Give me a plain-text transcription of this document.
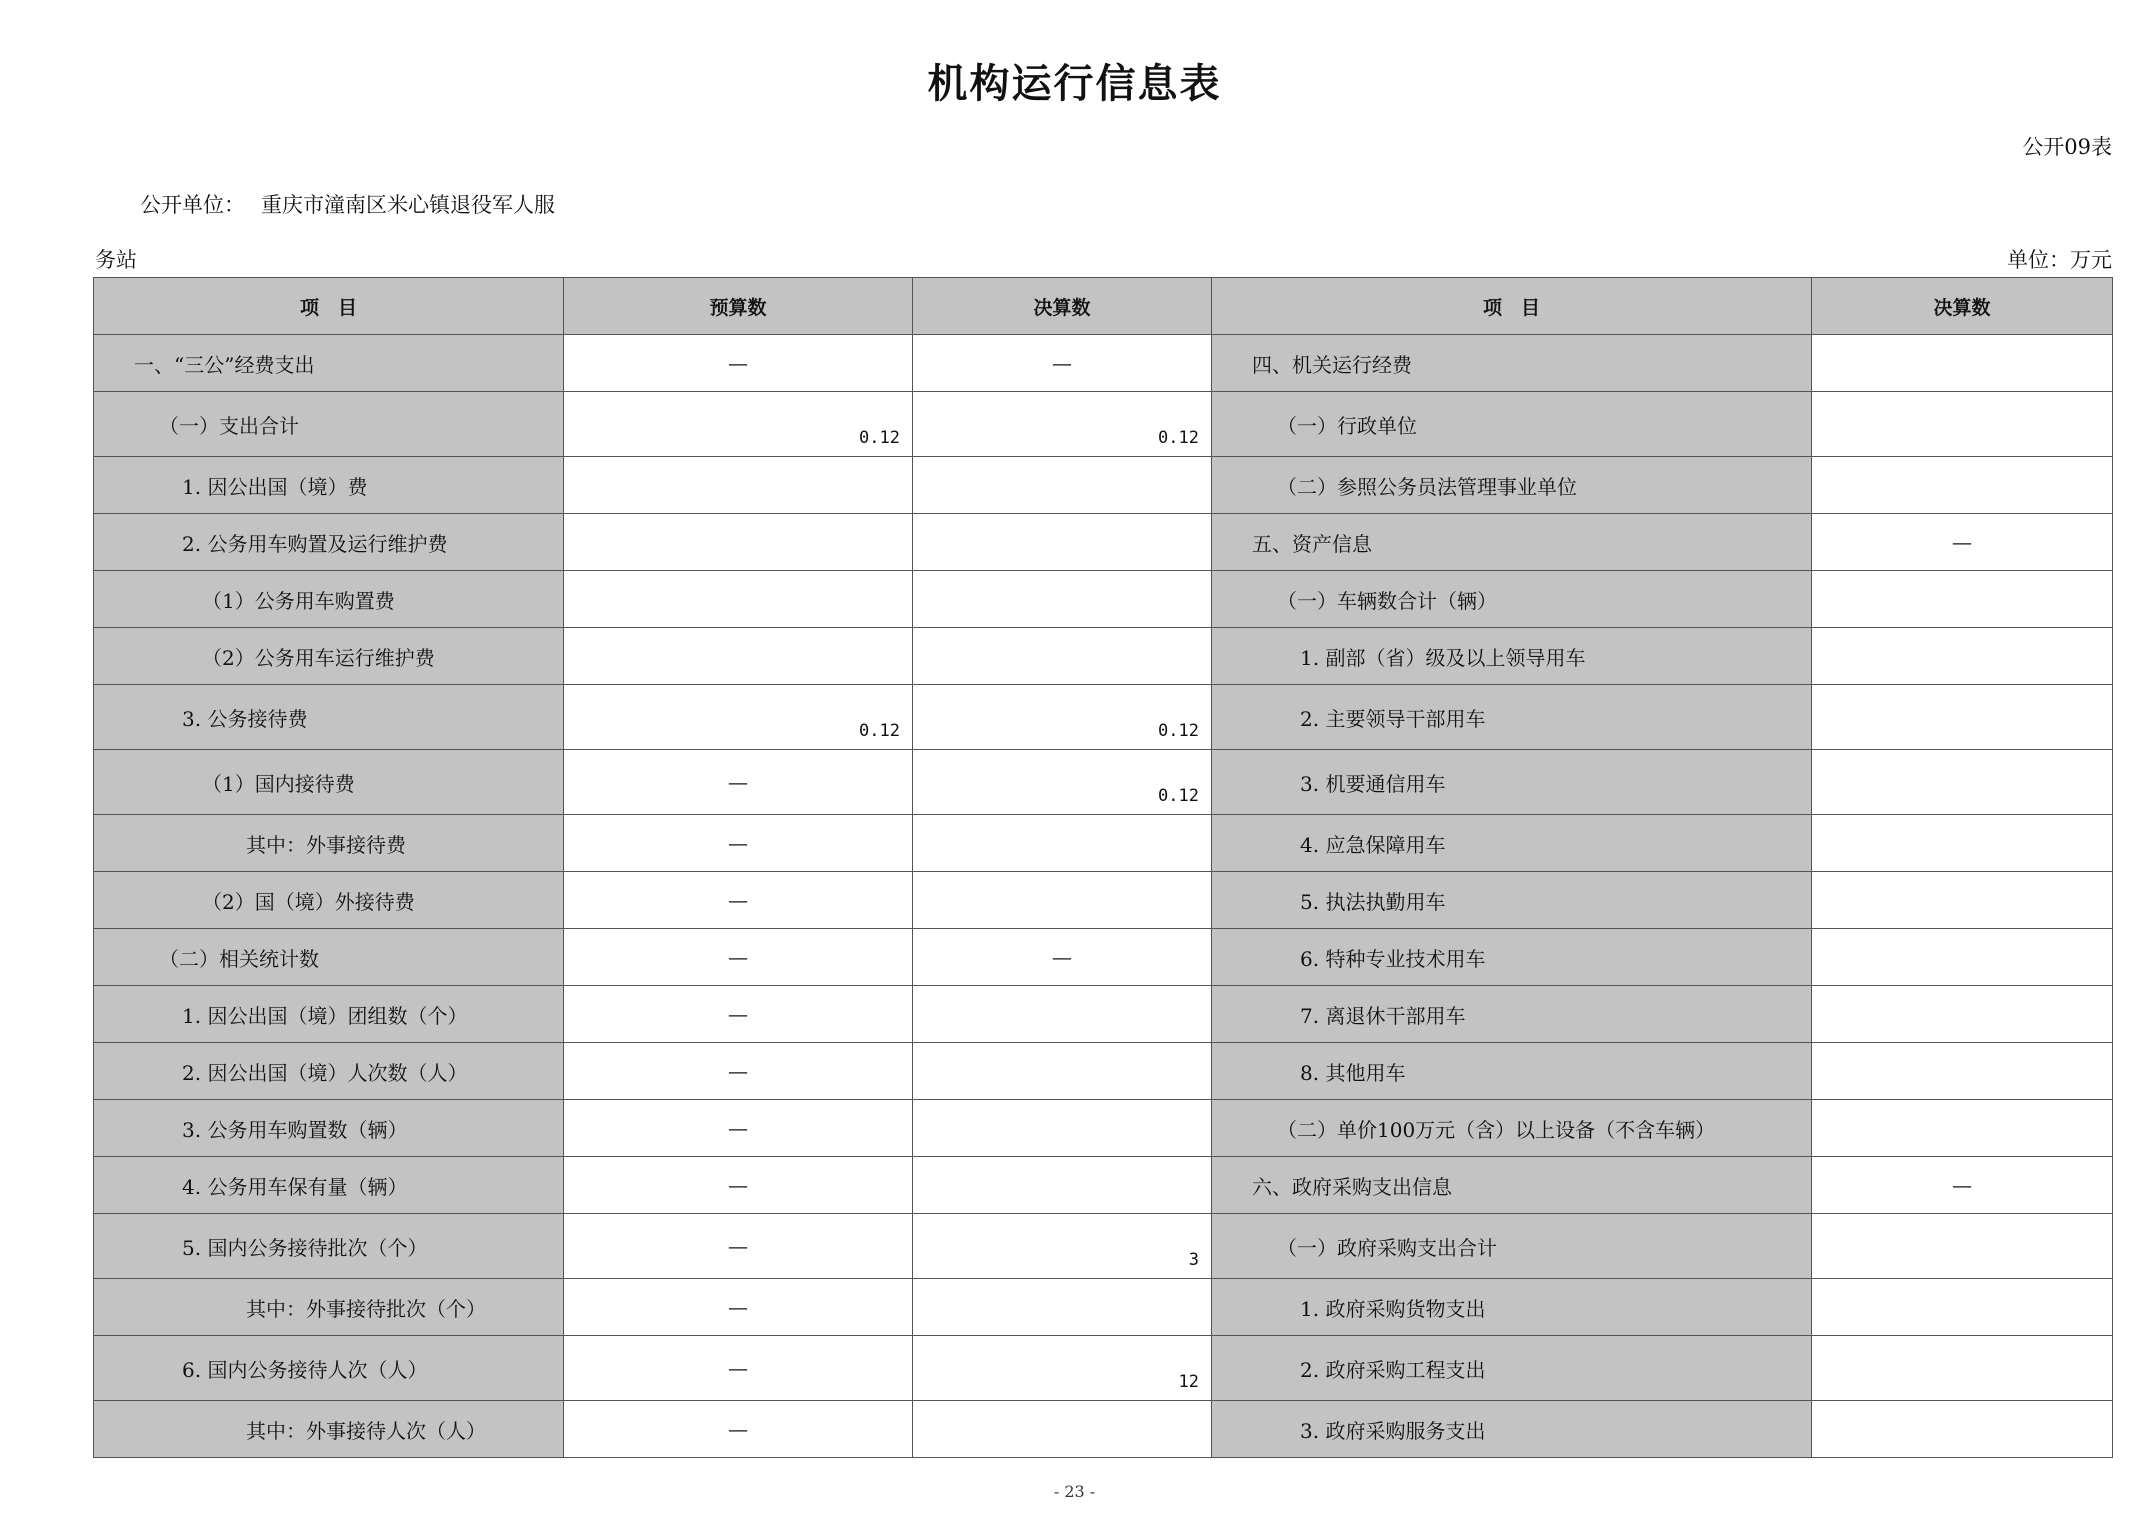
机构运行信息表
公开09表
公开单位： 重庆市潼南区米心镇退役军人服
务站	单位：万元
项　目	预算数	决算数	项　目	决算数
一、“三公”经费支出	—	—	四、机关运行经费	
（一）支出合计	0.12	0.12	（一）行政单位	
1. 因公出国（境）费			（二）参照公务员法管理事业单位	
2. 公务用车购置及运行维护费			五、资产信息	—
（1）公务用车购置费			（一）车辆数合计（辆）	
（2）公务用车运行维护费			1. 副部（省）级及以上领导用车	
3. 公务接待费	0.12	0.12	2. 主要领导干部用车	
（1）国内接待费	—	0.12	3. 机要通信用车	
其中：外事接待费	—		4. 应急保障用车	
（2）国（境）外接待费	—		5. 执法执勤用车	
（二）相关统计数	—	—	6. 特种专业技术用车	
1. 因公出国（境）团组数（个）	—		7. 离退休干部用车	
2. 因公出国（境）人次数（人）	—		8. 其他用车	
3. 公务用车购置数（辆）	—		（二）单价100万元（含）以上设备（不含车辆）	
4. 公务用车保有量（辆）	—		六、政府采购支出信息	—
5. 国内公务接待批次（个）	—	3	（一）政府采购支出合计	
其中：外事接待批次（个）	—		1. 政府采购货物支出	
6. 国内公务接待人次（人）	—	12	2. 政府采购工程支出	
其中：外事接待人次（人）	—		3. 政府采购服务支出	
- 23 -
